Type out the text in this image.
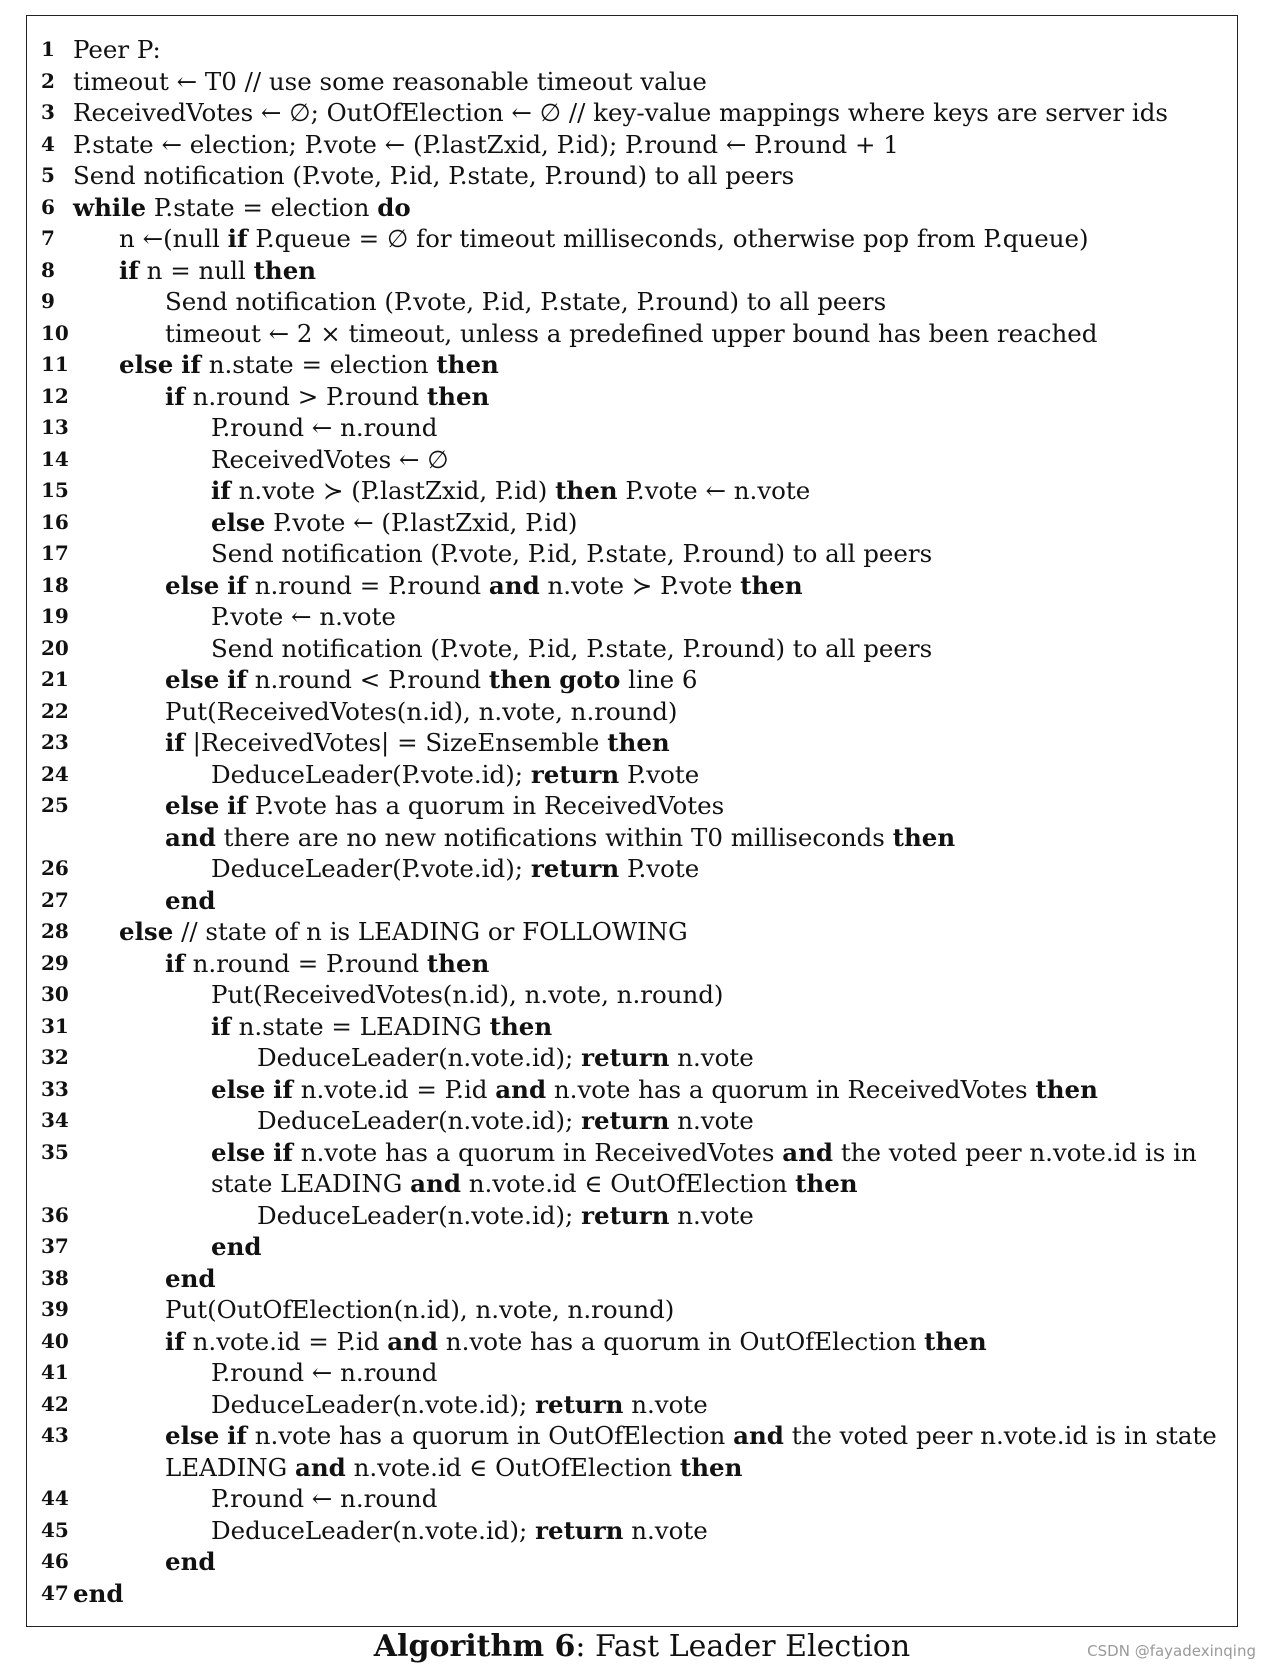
1 Peer P:
2 timeout ← T0 // use some reasonable timeout value
3 ReceivedVotes ← ∅; OutOfElection ← ∅ // key-value mappings where keys are server ids
4 P.state ← election; P.vote ← (P.lastZxid, P.id); P.round ← P.round + 1
5 Send notification (P.vote, P.id, P.state, P.round) to all peers
6 while P.state = election do
7	n ←(null if P.queue = ∅ for timeout milliseconds, otherwise pop from P.queue)
8	if n = null then
9	Send notification (P.vote, P.id, P.state, P.round) to all peers
10	timeout ← 2 × timeout, unless a predefined upper bound has been reached
11 else if n.state = election then
12	if n.round > P.round then
13	P.round ← n.round
14	ReceivedVotes ← ∅
15	if n.vote ≻ (P.lastZxid, P.id) then P.vote ← n.vote
16	else P.vote ← (P.lastZxid, P.id)
17	Send notification (P.vote, P.id, P.state, P.round) to all peers
18	else if n.round = P.round and n.vote ≻ P.vote then
19	P.vote ← n.vote
20	Send notification (P.vote, P.id, P.state, P.round) to all peers
21	else if n.round < P.round then goto line 6
22	Put(ReceivedVotes(n.id), n.vote, n.round)
23	if |ReceivedVotes| = SizeEnsemble then
24	DeduceLeader(P.vote.id); return P.vote
25	else if P.vote has a quorum in ReceivedVotes
and there are no new notifications within T0 milliseconds then
26	DeduceLeader(P.vote.id); return P.vote
27	end
28 else // state of n is LEADING or FOLLOWING
29	if n.round = P.round then
30	Put(ReceivedVotes(n.id), n.vote, n.round)
31	if n.state = LEADING then
32	DeduceLeader(n.vote.id); return n.vote
33	else if n.vote.id = P.id and n.vote has a quorum in ReceivedVotes then
34	DeduceLeader(n.vote.id); return n.vote
35	else if n.vote has a quorum in ReceivedVotes and the voted peer n.vote.id is in
state LEADING and n.vote.id ∈ OutOfElection then
36	DeduceLeader(n.vote.id); return n.vote
37	end
38	end
39	Put(OutOfElection(n.id), n.vote, n.round)
40	if n.vote.id = P.id and n.vote has a quorum in OutOfElection then
41	P.round ← n.round
42	DeduceLeader(n.vote.id); return n.vote
43	else if n.vote has a quorum in OutOfElection and the voted peer n.vote.id is in state
LEADING and n.vote.id ∈ OutOfElection then
44	P.round ← n.round
45	DeduceLeader(n.vote.id); return n.vote
46	end
47 end
Algorithm 6: Fast Leader Election	CSDN @fayadexinqing
